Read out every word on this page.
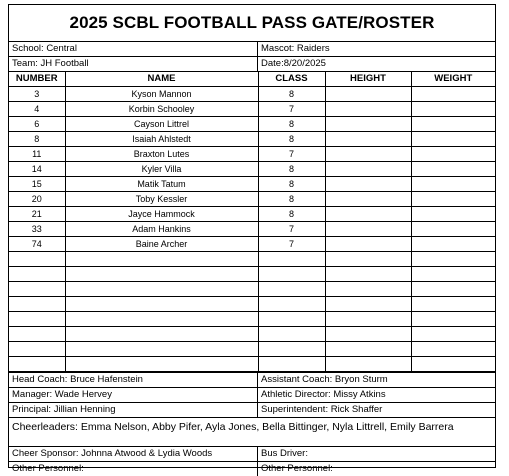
2025 SCBL FOOTBALL PASS GATE/ROSTER
School: Central	Mascot: Raiders
Team: JH Football	Date:8/20/2025
NUMBER	NAME	CLASS	HEIGHT	WEIGHT
3	Kyson Mannon	8		
4	Korbin Schooley	7		
6	Cayson Littrel	8		
8	Isaiah Ahlstedt	8		
11	Braxton Lutes	7		
14	Kyler Villa	8		
15	Matik Tatum	8		
20	Toby Kessler	8		
21	Jayce Hammock	8		
33	Adam Hankins	7		
74	Baine Archer	7		

Head Coach: Bruce Hafenstein	Assistant Coach: Bryon Sturm
Manager: Wade Hervey	Athletic Director: Missy Atkins
Principal: Jillian Henning	Superintendent: Rick Shaffer
Cheerleaders: Emma Nelson, Abby Pifer, Ayla Jones, Bella Bittinger, Nyla Littrell, Emily Barrera
Cheer Sponsor: Johnna Atwood & Lydia Woods	Bus Driver:
Other Personnel:	Other Personnel:
